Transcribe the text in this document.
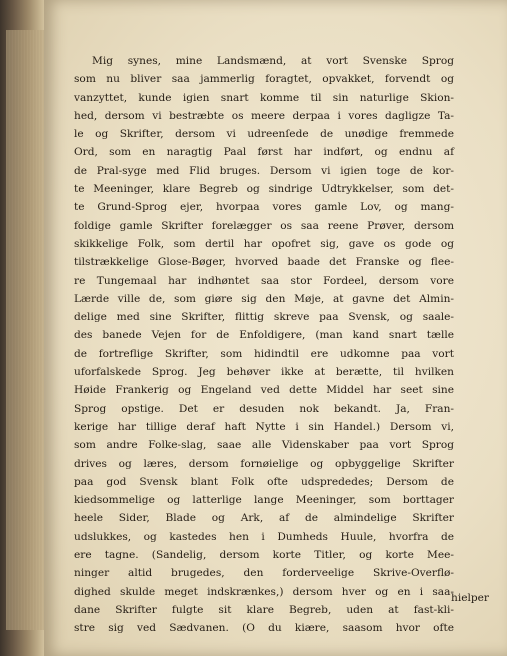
Mig synes, mine Landsmænd, at vort Svenske Sprog
som nu bliver saa jammerlig foragtet, opvakket, forvendt og
vanzyttet, kunde igien snart komme til sin naturlige Skion-
hed, dersom vi bestræbte os meere derpaa i vores dagligze Ta-
le og Skrifter, dersom vi udreenſede de unødige fremmede
Ord, som en naragtig Paal først har indført, og endnu af
de Pral-syge med Flid bruges. Dersom vi igien toge de kor-
te Meeninger, klare Begreb og sindrige Udtrykkelser, som det-
te Grund-Sprog ejer, hvorpaa vores gamle Lov, og mang-
foldige gamle Skrifter forelægger os saa reene Prøver, dersom
skikkelige Folk, som dertil har opofret sig, gave os gode og
tilstrækkelige Glose-Bøger, hvorved baade det Franske og flee-
re Tungemaal har indhøntet saa stor Fordeel, dersom vore
Lærde ville de, som giøre sig den Møje, at gavne det Almin-
delige med sine Skrifter, flittig skreve paa Svensk, og saale-
des banede Vejen for de Enfoldigere, (man kand snart tælle
de fortreflige Skrifter, som hidindtil ere udkomne paa vort
uforfalskede Sprog. Jeg behøver ikke at berætte, til hvilken
Høide Frankerig og Engeland ved dette Middel har seet sine
Sprog opstige. Det er desuden nok bekandt. Ja, Fran-
kerige har tillige deraf haft Nytte i sin Handel.) Dersom vi,
som andre Folke-slag, saae alle Videnskaber paa vort Sprog
drives og læres, dersom fornøielige og opbyggelige Skrifter
paa god Svensk blant Folk ofte udsprededes; Dersom de
kiedsommelige og latterlige lange Meeninger, som borttager
heele Sider, Blade og Ark, af de almindelige Skrifter
udslukkes, og kastedes hen i Dumheds Huule, hvorfra de
ere tagne. (Sandelig, dersom korte Titler, og korte Mee-
ninger altid brugedes, den forderveelige Skrive-Overflø-
dighed skulde meget indskrænkes,) dersom hver og en i saa-
dane Skrifter fulgte sit klare Begreb, uden at fast-kli-
stre sig ved Sædvanen. (O du kiære, saasom hvor ofte
hielper
